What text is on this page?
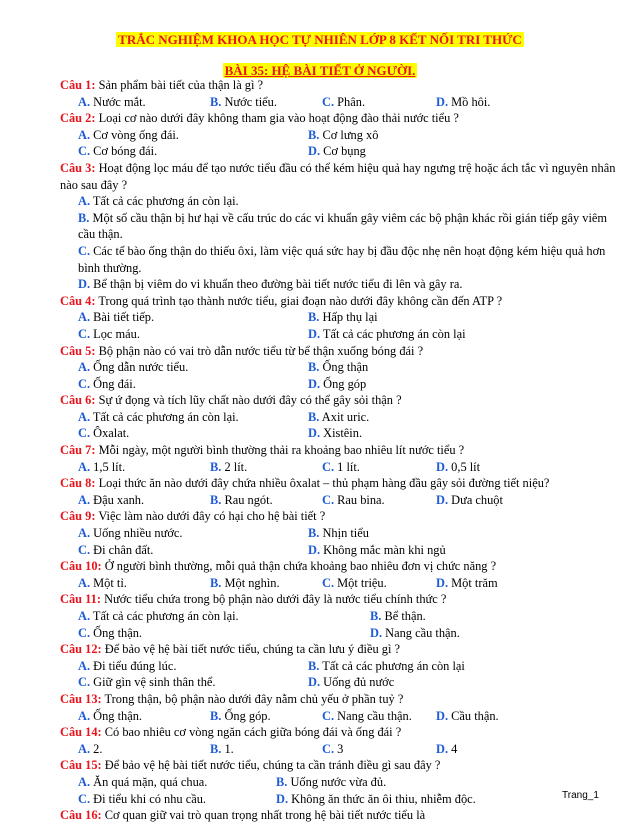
TRẮC NGHIỆM KHOA HỌC TỰ NHIÊN LỚP 8 KẾT NỐI TRI THỨC
BÀI 35: HỆ BÀI TIẾT Ở NGƯỜI.
Câu 1: Sản phẩm bài tiết của thận là gì ?
A. Nước mắt.	B. Nước tiểu.	C. Phân.	D. Mồ hôi.
Câu 2: Loại cơ nào dưới đây không tham gia vào hoạt động đào thải nước tiểu ?
A. Cơ vòng ống đái.	B. Cơ lưng xô
C. Cơ bóng đái.	D. Cơ bụng
Câu 3: Hoạt động lọc máu để tạo nước tiểu đầu có thể kém hiệu quả hay ngưng trệ hoặc ách tắc vì nguyên nhân nào sau đây ?
A. Tất cả các phương án còn lại.
B. Một số cầu thận bị hư hại về cấu trúc do các vi khuẩn gây viêm các bộ phận khác rồi gián tiếp gây viêm cầu thận.
C. Các tế bào ống thận do thiếu ôxi, làm việc quá sức hay bị đầu độc nhẹ nên hoạt động kém hiệu quả hơn bình thường.
D. Bể thận bị viêm do vi khuẩn theo đường bài tiết nước tiểu đi lên và gây ra.
Câu 4: Trong quá trình tạo thành nước tiểu, giai đoạn nào dưới đây không cần đến ATP ?
A. Bài tiết tiếp.	B. Hấp thụ lại
C. Lọc máu.	D. Tất cả các phương án còn lại
Câu 5: Bộ phận nào có vai trò dẫn nước tiểu từ bể thận xuống bóng đái ?
A. Ống dẫn nước tiểu.	B. Ống thận
C. Ống đái.	D. Ống góp
Câu 6: Sự ứ đọng và tích lũy chất nào dưới đây có thể gây sỏi thận ?
A. Tất cả các phương án còn lại.	B. Axit uric.
C. Ôxalat.	D. Xistêin.
Câu 7: Mỗi ngày, một người bình thường thải ra khoảng bao nhiêu lít nước tiểu ?
A. 1,5 lít.	B. 2 lít.	C. 1 lít.	D. 0,5 lít
Câu 8: Loại thức ăn nào dưới đây chứa nhiều ôxalat – thủ phạm hàng đầu gây sỏi đường tiết niệu?
A. Đậu xanh.	B. Rau ngót.	C. Rau bina.	D. Dưa chuột
Câu 9: Việc làm nào dưới đây có hại cho hệ bài tiết ?
A. Uống nhiều nước.	B. Nhịn tiểu
C. Đi chân đất.	D. Không mắc màn khi ngủ
Câu 10: Ở người bình thường, mỗi quả thận chứa khoảng bao nhiêu đơn vị chức năng ?
A. Một tỉ.	B. Một nghìn.	C. Một triệu.	D. Một trăm
Câu 11: Nước tiểu chứa trong bộ phận nào dưới đây là nước tiểu chính thức ?
A. Tất cả các phương án còn lại.	B. Bể thận.
C. Ống thận.	D. Nang cầu thận.
Câu 12: Để bảo vệ hệ bài tiết nước tiểu, chúng ta cần lưu ý điều gì ?
A. Đi tiểu đúng lúc.	B. Tất cả các phương án còn lại
C. Giữ gìn vệ sinh thân thể.	D. Uống đủ nước
Câu 13: Trong thận, bộ phận nào dưới đây nằm chủ yếu ở phần tuỷ ?
A. Ống thận.	B. Ống góp.	C. Nang cầu thận.	D. Cầu thận.
Câu 14: Có bao nhiêu cơ vòng ngăn cách giữa bóng đái và ống đái ?
A. 2.	B. 1.	C. 3	D. 4
Câu 15: Để bảo vệ hệ bài tiết nước tiểu, chúng ta cần tránh điều gì sau đây ?
A. Ăn quá mặn, quá chua.	B. Uống nước vừa đủ.
C. Đi tiểu khi có nhu cầu.	D. Không ăn thức ăn ôi thiu, nhiễm độc.
Câu 16: Cơ quan giữ vai trò quan trọng nhất trong hệ bài tiết nước tiểu là
Trang_1
